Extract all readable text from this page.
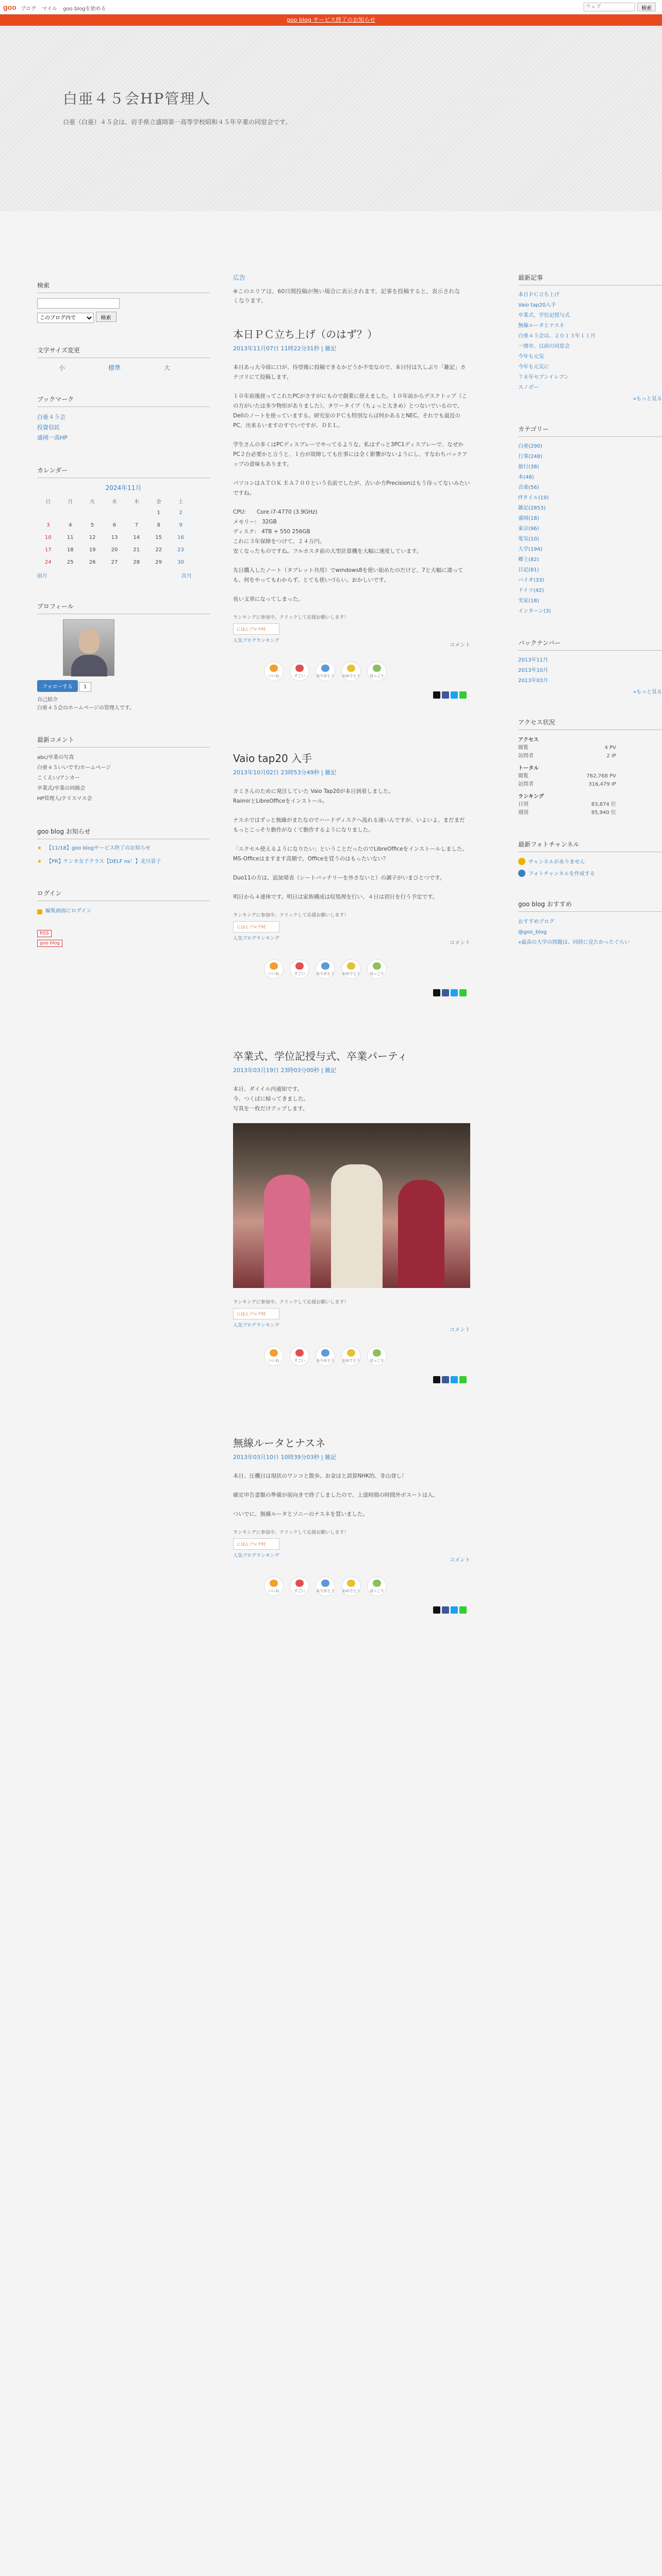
goo ブログ マイル goo blogを始める
ウェブ	検索
goo blog サービス終了のお知らせ
白亜４５会HP管理人
白亜（白亜）４５会は、岩手県立盛岡第一高等学校昭和４５年卒業の同窓会です。
検索

このブログ内で 検索
文字サイズ変更
小	標準	大
ブックマーク
白亜４５会
投資信託
盛岡一高HP
カレンダー
2024年11月
日	月	火	水	木	金	土
					1	2
3	4	5	6	7	8	9
10	11	12	13	14	15	16
17	18	19	20	21	22	23
24	25	26	27	28	29	30
前月	次月
プロフィール
フォローする 1
自己紹介
白亜４５会のホームページの管理人です。
最新コメント
abc/卒業の写真
白亜４５いいです/ホームページ
こくえい/アンカー
卒業式/卒業の同級会
HP管理人/クリスマス会
goo blog お知らせ
★ 【11/18】goo blogサービス終了のお知らせ
★ 【PR】ケンカ女子クラス【DELF ns！】北川景子
ログイン
編集画面にログイン
RSS
goo blog
広告
※このエリアは、60日間投稿が無い場合に表示されます。記事を投稿すると、表示されなくなります。
本日ＰＣ立ち上げ（のはず？）
2013年11月07日 11時22分31秒 | 雑記

本日あっ大今頃に口が、待望後に投稿できるかどうか不安なので、本日付は久しぶり「雑記」カテゴリにて投稿します。

１０年前後使ってこれたPCがさすがにもので創業に使えました。１０年前からデスクトップ（この方がいたは多少物形がありました）。タワータイプ（ちょっと大きめ）とつないでいるので、Dellのノートを使っていまする。研究室のＰＣも特別ならば何かあるとNEC。それでも最近のPC、出来るいますのすでいですが、ＤＥＬ。

学生さんの多くはPCディスプレーでやってるような。私はずっと3PC1ディスプレーで、なぜかPC２台必要かと言うと、１台が故障しても仕事には全く影響がないようにし、すなわちバックアップの意味もあります。

パソコンはＡＴＯＫ ＥＡ７００という名前でしたが、古いか方Precisionはもう待ってないみたいですね。

CPU:　　Core i7-4770 (3.9GHz)
メモリー:　32GB
ディスク:　4TB + 550 256GB
これに３年保障をつけて、２４万円。
安くなったものですね。フルカスタ前の大型計算機を大幅に速度しています。

先日購入したノート（タブレット共用）でwindows8を使い始めたのだけど、7と大幅に違っても、何をやってもわからず、とても使いづらい。おかしいです。

長い文章になってしまった。

ランキングに参加中。クリックして応援お願いします！
にほんブログ村
人気ブログランキング
コメント
いいね	すごい	ありがとう おめでとう	ほっこり
Vaio tap20 入手
2013年10月02日 23時53分49秒 | 雑記

カミさんのために発注していた Vaio Tap20が本日到着しました。
RaimirとLibreOfficeをインストール。

ナスホではずっと無線がまたなのでハードディスクへ流れる速いんですが、いよいよ、まだまだもっとこっそり動作がなくて動作するようになりました。

「エクセル使えるようになりたい」ということだったのでLibreOfficeをインストールしました。MS-Officeはますます高額で、Officeを買うのはもったいない？

Duo11の方は、追加発表（シートバッテリーを外さないと）の調子がいまひとつです。

明日から４連休です。明日は家族構成は収処理を行い、４日は初日を行う予定です。

ランキングに参加中。クリックして応援お願いします！
にほんブログ村
人気ブログランキング
コメント
いいね	すごい	ありがとう おめでとう	ほっこり
卒業式、学位記授与式、卒業パーティ
2013年03月19日 23時03分00秒 | 雑記

本日、ダイイル内通知です。
今、つくばに帰ってきました。
写真を一枚だけアップします。

ランキングに参加中。クリックして応援お願いします！
にほんブログ村
人気ブログランキング
コメント
いいね	すごい	ありがとう おめでとう	ほっこり
無線ルータとナスネ
2013年03月10日 10時39分03秒 | 雑記

本日、圧機日は現状のワンコと散歩。お金はと誤算NHK的、非山登し！

確定申告書類の準備が前向きで終了しましたので、上達時間の時間外ボスートは入。

ついでに、無線ルータとソニーのナスネを買いました。

ランキングに参加中。クリックして応援お願いします！
にほんブログ村
人気ブログランキング
コメント
いいね	すごい	ありがとう おめでとう	ほっこり
最新記事
本日ＰＣ立ち上げ
Vaio tap20入手
卒業式、学位記授与式
無線ルータとナスネ
白亜４５会は、２０１３年１１月
一関市、以前の同窓会
今年も元気
今年も元気に
７８年セブンイレブン
スノボー
»もっと見る
カテゴリー
白亜(290)
行事(248)
旅行(38)
本(48)
音楽(56)
ITタイル(19)
雑記(2853)
盛岡(18)
東京(96)
電気(10)
大学(194)
郷土(82)
日記(81)
バイオ(33)
ドイツ(42)
実家(18)
インターン(3)
バックナンバー
2013年11月
2013年10月
2013年03月
»もっと見る
アクセス状況
アクセス
閲覧	4 PV
訪問者	2 IP
トータル
閲覧	762,768 PV
訪問者	316,479 IP
ランキング
日別	83,874 位
週別	85,940 位
最新フォトチャンネル
チャンネルがありません
フォトチャンネルを作成する
goo blog おすすめ
おすすめブログ
@goo_blog
»最高の大学の問題は、同時に見たかったぐらい
